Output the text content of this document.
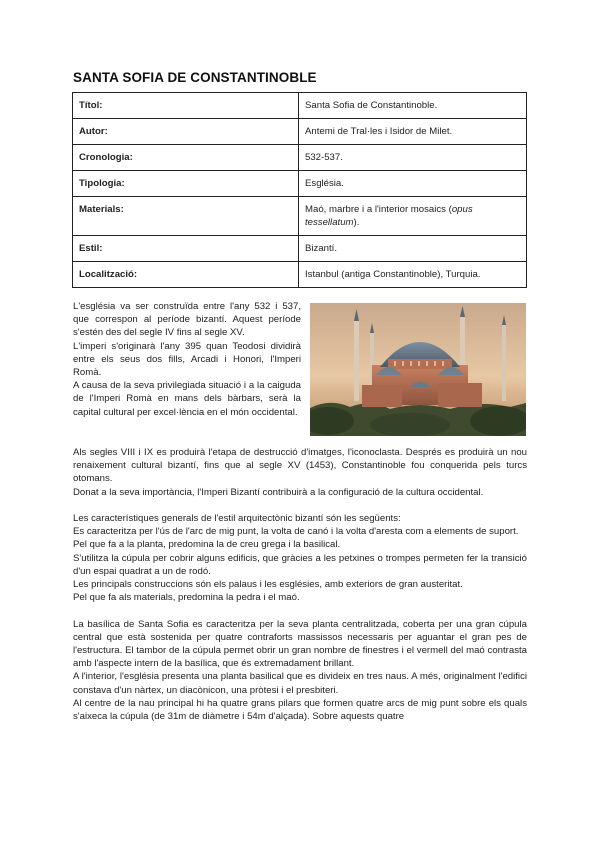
SANTA SOFIA DE CONSTANTINOBLE
Títol:	Santa Sofia de Constantinoble.
Autor:	Antemi de Tral·les i Isidor de Milet.
Cronologia:	532-537.
Tipologia:	Església.
Materials:	Maó, marbre i a l'interior mosaics (opus tessellatum).
Estil:	Bizantí.
Localització:	Istanbul (antiga Constantinoble), Turquia.

L'església va ser construïda entre l'any 532 i 537, que correspon al període bizantí. Aquest període s'estén des del segle IV fins al segle XV.

L'imperi s'originarà l'any 395 quan Teodosi dividirà entre els seus dos fills, Arcadi i Honori, l'Imperi Romà.

A causa de la seva privilegiada situació i a la caiguda de l'Imperi Romà en mans dels bàrbars, serà la capital cultural per excel·lència en el món occidental.

Als segles VIII i IX es produirà l'etapa de destrucció d'imatges, l'iconoclasta. Després es produirà un nou renaixement cultural bizantí, fins que al segle XV (1453), Constantinoble fou conquerida pels turcs otomans.

Donat a la seva importància, l'Imperi Bizantí contribuirà a la configuració de la cultura occidental.

Les característiques generals de l'estil arquitectònic bizantí són les següents:

Es caracteritza per l'ús de l'arc de mig punt, la volta de canó i la volta d'aresta com a elements de suport.

Pel que fa a la planta, predomina la de creu grega i la basilical.

S'utilitza la cúpula per cobrir alguns edificis, que gràcies a les petxines o trompes permeten fer la transició d'un espai quadrat a un de rodó.

Les principals construccions són els palaus i les esglésies, amb exteriors de gran austeritat.

Pel que fa als materials, predomina la pedra i el maó.

La basílica de Santa Sofia es caracteritza per la seva planta centralitzada, coberta per una gran cúpula central que està sostenida per quatre contraforts massissos necessaris per aguantar el gran pes de l'estructura. El tambor de la cúpula permet obrir un gran nombre de finestres i el vermell del maó contrasta amb l'aspecte intern de la basílica, que és extremadament brillant.

A l'interior, l'església presenta una planta basilical que es divideix en tres naus. A més, originalment l'edifici constava d'un nàrtex, un diacònicon, una pròtesi i el presbiteri.

Al centre de la nau principal hi ha quatre grans pilars que formen quatre arcs de mig punt sobre els quals s'aixeca la cúpula (de 31m de diàmetre i 54m d'alçada). Sobre aquests quatre
